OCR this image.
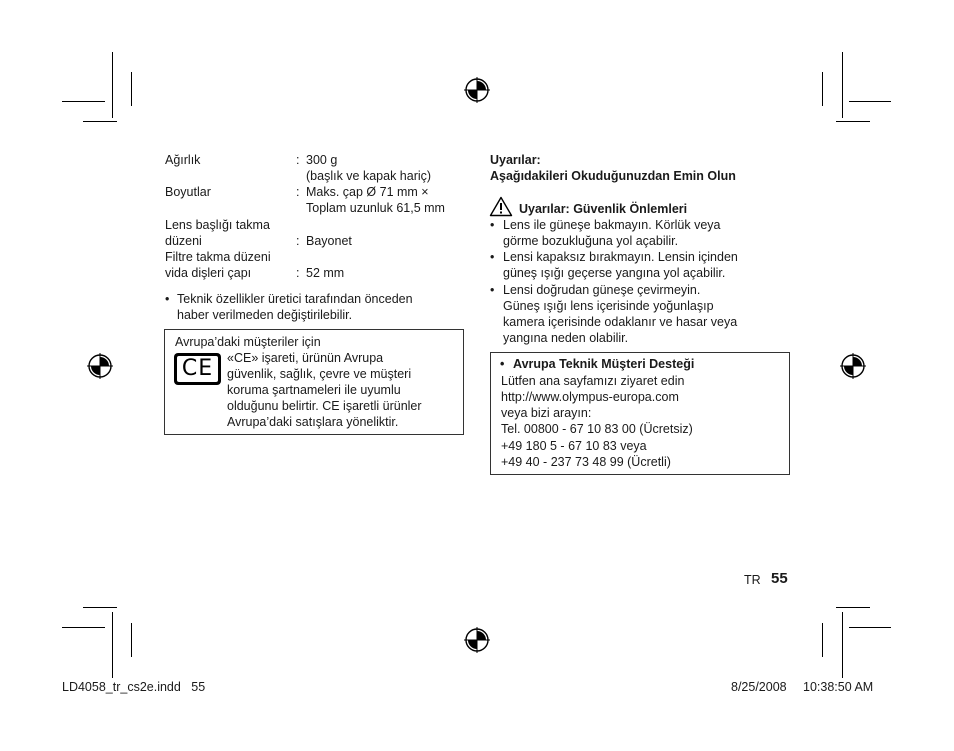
Ağırlık	: 300 g
(başlık ve kapak hariç)
Boyutlar	: Maks. çap Ø 71 mm ×
Toplam uzunluk 61,5 mm
Lens başlığı takma
düzeni	: Bayonet
Filtre takma düzeni
vida dişleri çapı	: 52 mm
• Teknik özellikler üretici tarafından önceden
haber verilmeden değiştirilebilir.
Avrupa’daki müşteriler için
CE	«CE» işareti, ürünün Avrupa
güvenlik, sağlık, çevre ve müşteri
koruma şartnameleri ile uyumlu
olduğunu belirtir. CE işaretli ürünler
Avrupa’daki satışlara yöneliktir.
Uyarılar:
Aşağıdakileri Okuduğunuzdan Emin Olun
Uyarılar: Güvenlik Önlemleri
• Lens ile güneşe bakmayın. Körlük veya
görme bozukluğuna yol açabilir.
• Lensi kapaksız bırakmayın. Lensin içinden
güneş ışığı geçerse yangına yol açabilir.
• Lensi doğrudan güneşe çevirmeyin.
Güneş ışığı lens içerisinde yoğunlaşıp
kamera içerisinde odaklanır ve hasar veya
yangına neden olabilir.
• Avrupa Teknik Müşteri Desteği
Lütfen ana sayfamızı ziyaret edin
http://www.olympus-europa.com
veya bizi arayın:
Tel. 00800 - 67 10 83 00 (Ücretsiz)
+49 180 5 - 67 10 83 veya
+49 40 - 237 73 48 99 (Ücretli)
TR 55
LD4058_tr_cs2e.indd   55	8/25/2008 10:38:50 AM
